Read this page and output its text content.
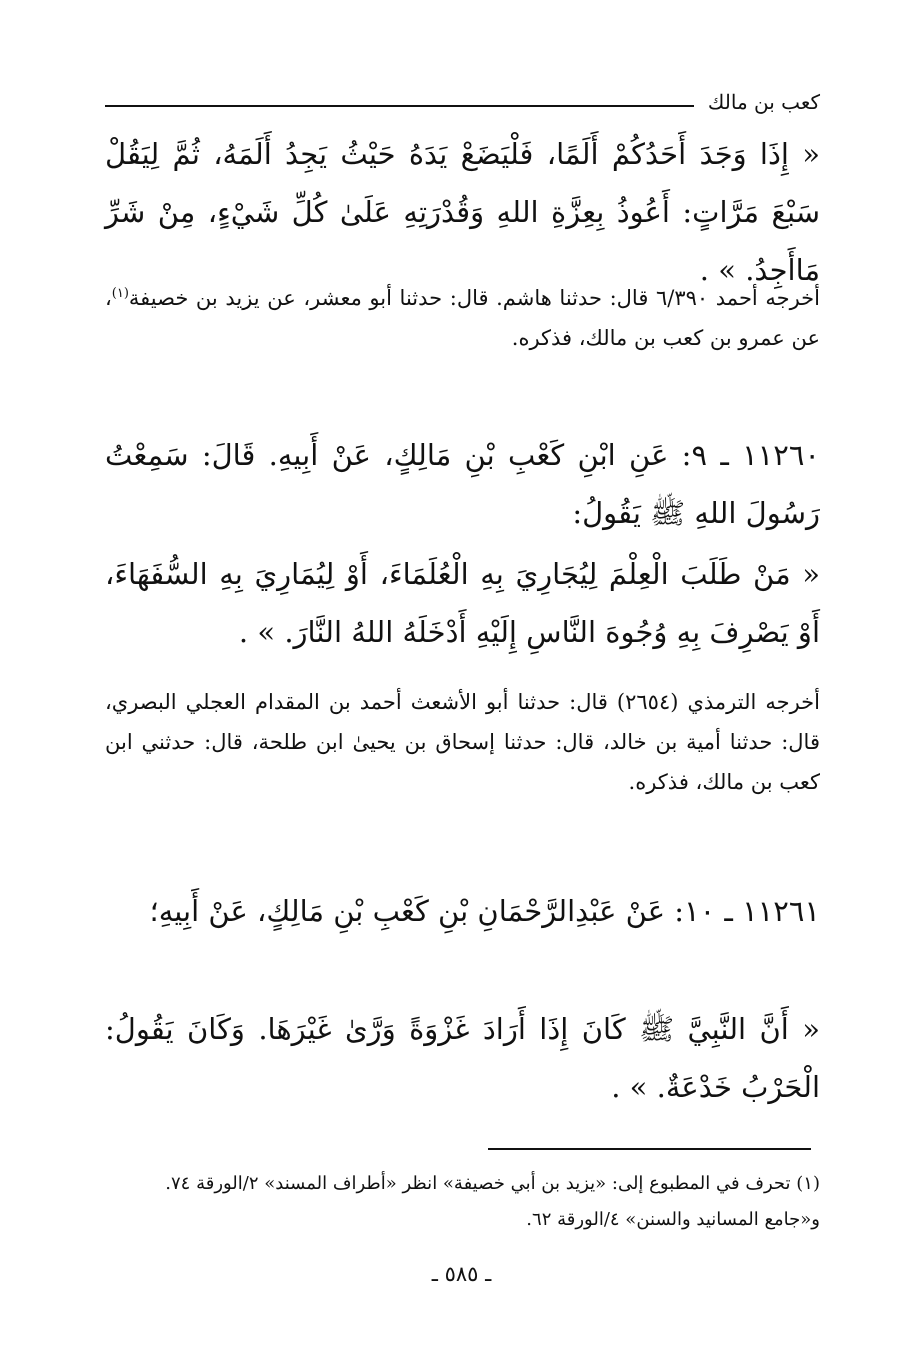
كعب بن مالك
« إِذَا وَجَدَ أَحَدُكُمْ أَلَمًا، فَلْيَضَعْ يَدَهُ حَيْثُ يَجِدُ أَلَمَهُ، ثُمَّ لِيَقُلْ سَبْعَ مَرَّاتٍ: أَعُوذُ بِعِزَّةِ اللهِ وَقُدْرَتِهِ عَلَىٰ كُلِّ شَيْءٍ، مِنْ شَرِّ مَاأَجِدُ. » .
أخرجه أحمد ٦/٣٩٠ قال: حدثنا هاشم. قال: حدثنا أبو معشر، عن يزيد بن خصيفة$^{(١)}$، عن عمرو بن كعب بن مالك، فذكره.
١١٢٦٠ ـ ٩: عَنِ ابْنِ كَعْبِ بْنِ مَالِكٍ، عَنْ أَبِيهِ. قَالَ: سَمِعْتُ رَسُولَ اللهِ ﷺ يَقُولُ:
« مَنْ طَلَبَ الْعِلْمَ لِيُجَارِيَ بِهِ الْعُلَمَاءَ، أَوْ لِيُمَارِيَ بِهِ السُّفَهَاءَ، أَوْ يَصْرِفَ بِهِ وُجُوهَ النَّاسِ إِلَيْهِ أَدْخَلَهُ اللهُ النَّارَ. » .
أخرجه الترمذي (٢٦٥٤) قال: حدثنا أبو الأشعث أحمد بن المقدام العجلي البصري، قال: حدثنا أمية بن خالد، قال: حدثنا إسحاق بن يحيىٰ ابن طلحة، قال: حدثني ابن كعب بن مالك، فذكره.
١١٢٦١ ـ ١٠: عَنْ عَبْدِالرَّحْمَانِ بْنِ كَعْبِ بْنِ مَالِكٍ، عَنْ أَبِيهِ؛
« أَنَّ النَّبِيَّ ﷺ كَانَ إِذَا أَرَادَ غَزْوَةً وَرَّىٰ غَيْرَهَا. وَكَانَ يَقُولُ: الْحَرْبُ خَدْعَةٌ. » .
(١) تحرف في المطبوع إلى: «يزيد بن أبي خصيفة» انظر «أطراف المسند» ٢/الورقة ٧٤.
و«جامع المسانيد والسنن» ٤/الورقة ٦٢.
ـ ٥٨٥ ـ
